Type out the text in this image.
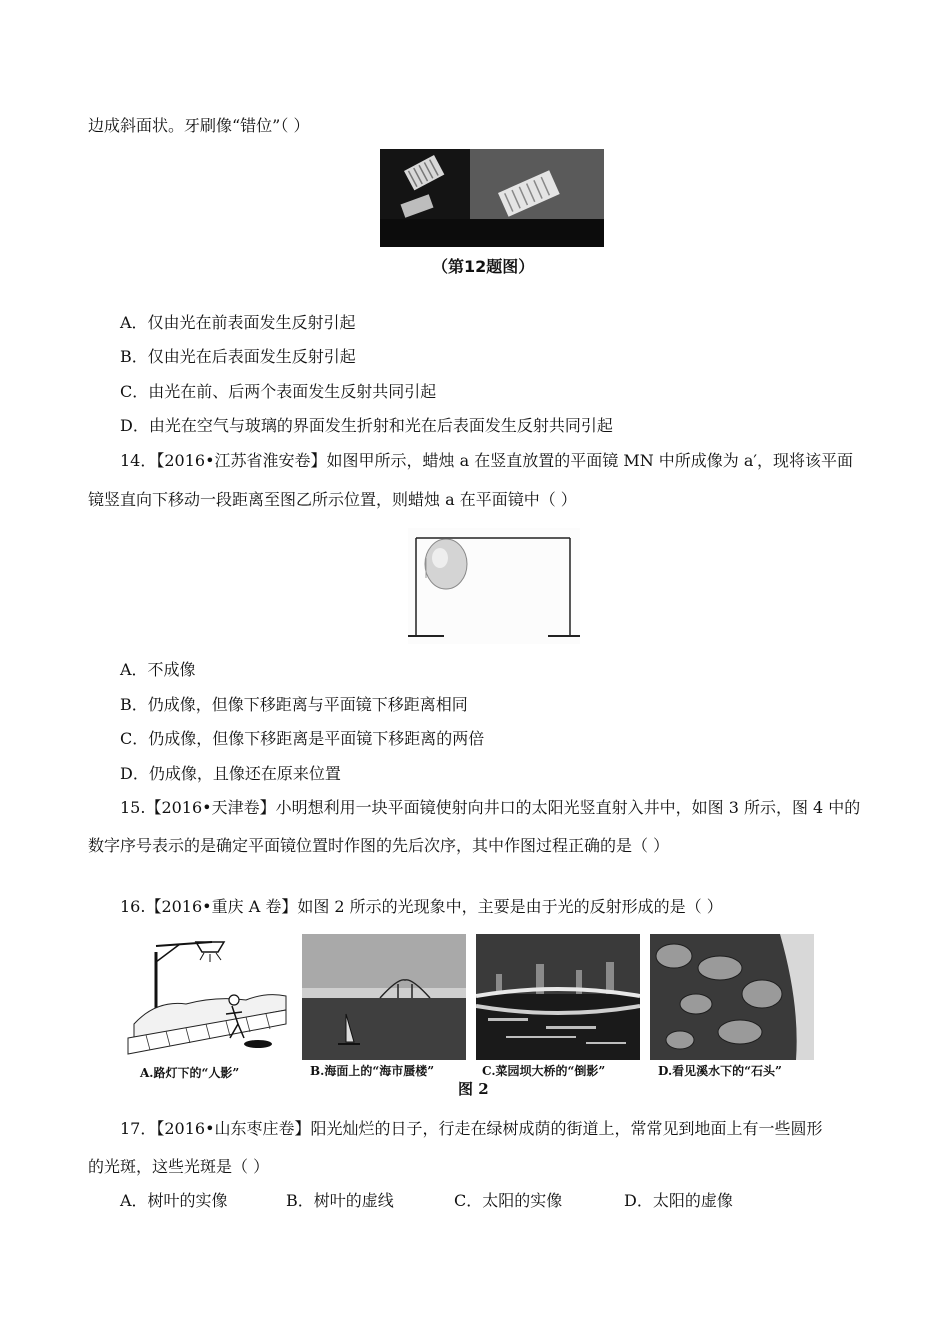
边成斜面状。牙刷像“错位”（ ）
（第12题图）
A．仅由光在前表面发生反射引起
B．仅由光在后表面发生反射引起
C．由光在前、后两个表面发生反射共同引起
D．由光在空气与玻璃的界面发生折射和光在后表面发生反射共同引起
14．【2016•江苏省淮安卷】如图甲所示，蜡烛 a 在竖直放置的平面镜 MN 中所成像为 a′，现将该平面
镜竖直向下移动一段距离至图乙所示位置，则蜡烛 a 在平面镜中（ ）
A．不成像
B．仍成像，但像下移距离与平面镜下移距离相同
C．仍成像，但像下移距离是平面镜下移距离的两倍
D．仍成像，且像还在原来位置
15.【2016•天津卷】小明想利用一块平面镜使射向井口的太阳光竖直射入井中，如图 3 所示，图 4 中的
数字序号表示的是确定平面镜位置时作图的先后次序，其中作图过程正确的是（ ）
16.【2016•重庆 A 卷】如图 2 所示的光现象中，主要是由于光的反射形成的是（ ）
A.路灯下的“人影”	B.海面上的“海市蜃楼”	C.菜园坝大桥的“倒影”	D.看见溪水下的“石头”
图 2
17．【2016•山东枣庄卷】阳光灿烂的日子，行走在绿树成荫的街道上，常常见到地面上有一些圆形
的光斑，这些光斑是（ ）
A．树叶的实像	B．树叶的虚线	C．太阳的实像	D．太阳的虚像
